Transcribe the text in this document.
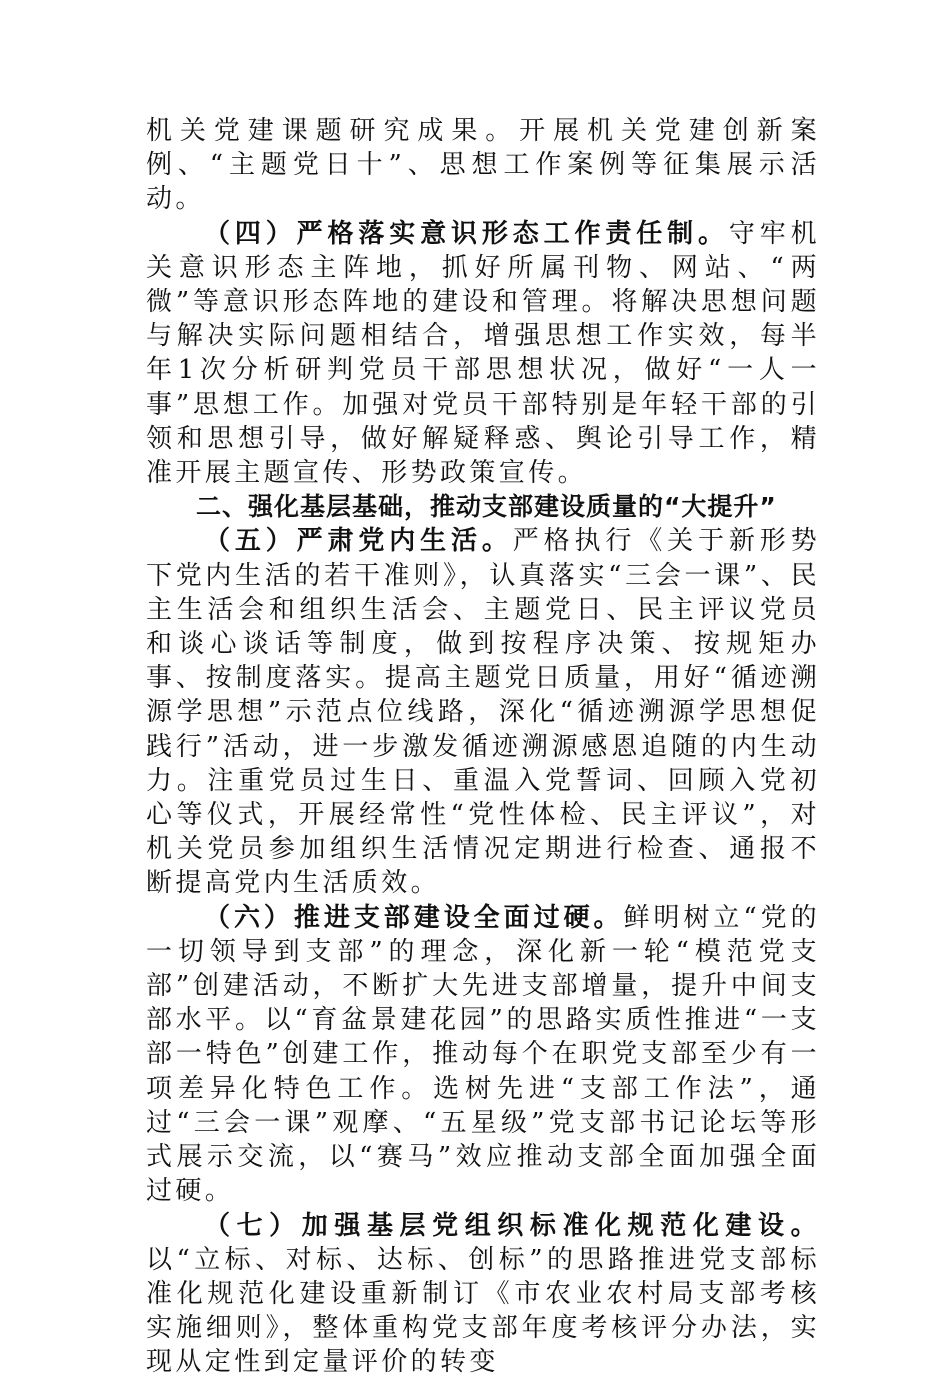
机关党建课题研究成果。开展机关党建创新案例、“主题党日十”、思想工作案例等征集展示活动。

（四）严格落实意识形态工作责任制。守牢机关意识形态主阵地，抓好所属刊物、网站、“两微”等意识形态阵地的建设和管理。将解决思想问题与解决实际问题相结合，增强思想工作实效，每半年1次分析研判党员干部思想状况，做好“一人一事”思想工作。加强对党员干部特别是年轻干部的引领和思想引导，做好解疑释惑、舆论引导工作，精准开展主题宣传、形势政策宣传。

二、强化基层基础，推动支部建设质量的“大提升”

（五）严肃党内生活。严格执行《关于新形势下党内生活的若干准则》，认真落实“三会一课”、民主生活会和组织生活会、主题党日、民主评议党员和谈心谈话等制度，做到按程序决策、按规矩办事、按制度落实。提高主题党日质量，用好“循迹溯源学思想”示范点位线路，深化“循迹溯源学思想促践行”活动，进一步激发循迹溯源感恩追随的内生动力。注重党员过生日、重温入党誓词、回顾入党初心等仪式，开展经常性“党性体检、民主评议”，对机关党员参加组织生活情况定期进行检查、通报不断提高党内生活质效。

（六）推进支部建设全面过硬。鲜明树立“党的一切领导到支部”的理念，深化新一轮“模范党支部”创建活动，不断扩大先进支部增量，提升中间支部水平。以“育盆景建花园”的思路实质性推进“一支部一特色”创建工作，推动每个在职党支部至少有一项差异化特色工作。选树先进“支部工作法”，通过“三会一课”观摩、“五星级”党支部书记论坛等形式展示交流，以“赛马”效应推动支部全面加强全面过硬。

（七）加强基层党组织标准化规范化建设。以“立标、对标、达标、创标”的思路推进党支部标准化规范化建设重新制订《市农业农村局支部考核实施细则》，整体重构党支部年度考核评分办法，实现从定性到定量评价的转变
